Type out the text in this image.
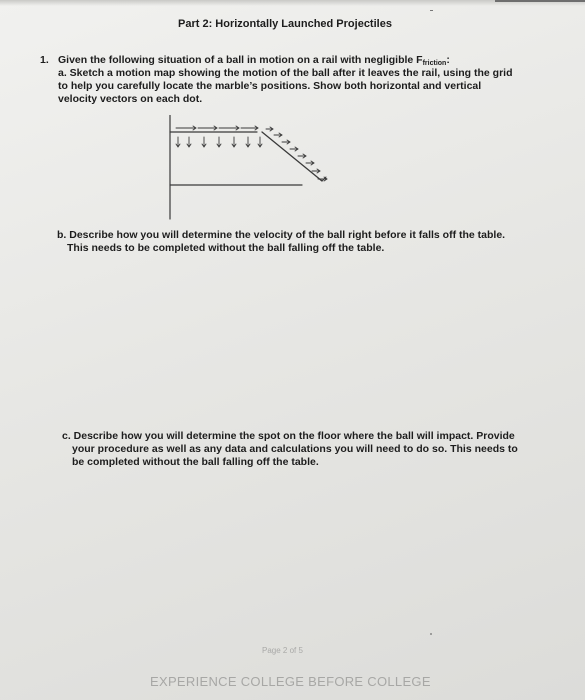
Part 2: Horizontally Launched Projectiles
1. Given the following situation of a ball in motion on a rail with negligible $F_{friction}$:
a. Sketch a motion map showing the motion of the ball after it leaves the rail, using the grid
to help you carefully locate the marble’s positions. Show both horizontal and vertical
velocity vectors on each dot.
b. Describe how you will determine the velocity of the ball right before it falls off the table.
This needs to be completed without the ball falling off the table.
c. Describe how you will determine the spot on the floor where the ball will impact. Provide
your procedure as well as any data and calculations you will need to do so. This needs to
be completed without the ball falling off the table.
Page 2 of 5
EXPERIENCE COLLEGE BEFORE COLLEGE
